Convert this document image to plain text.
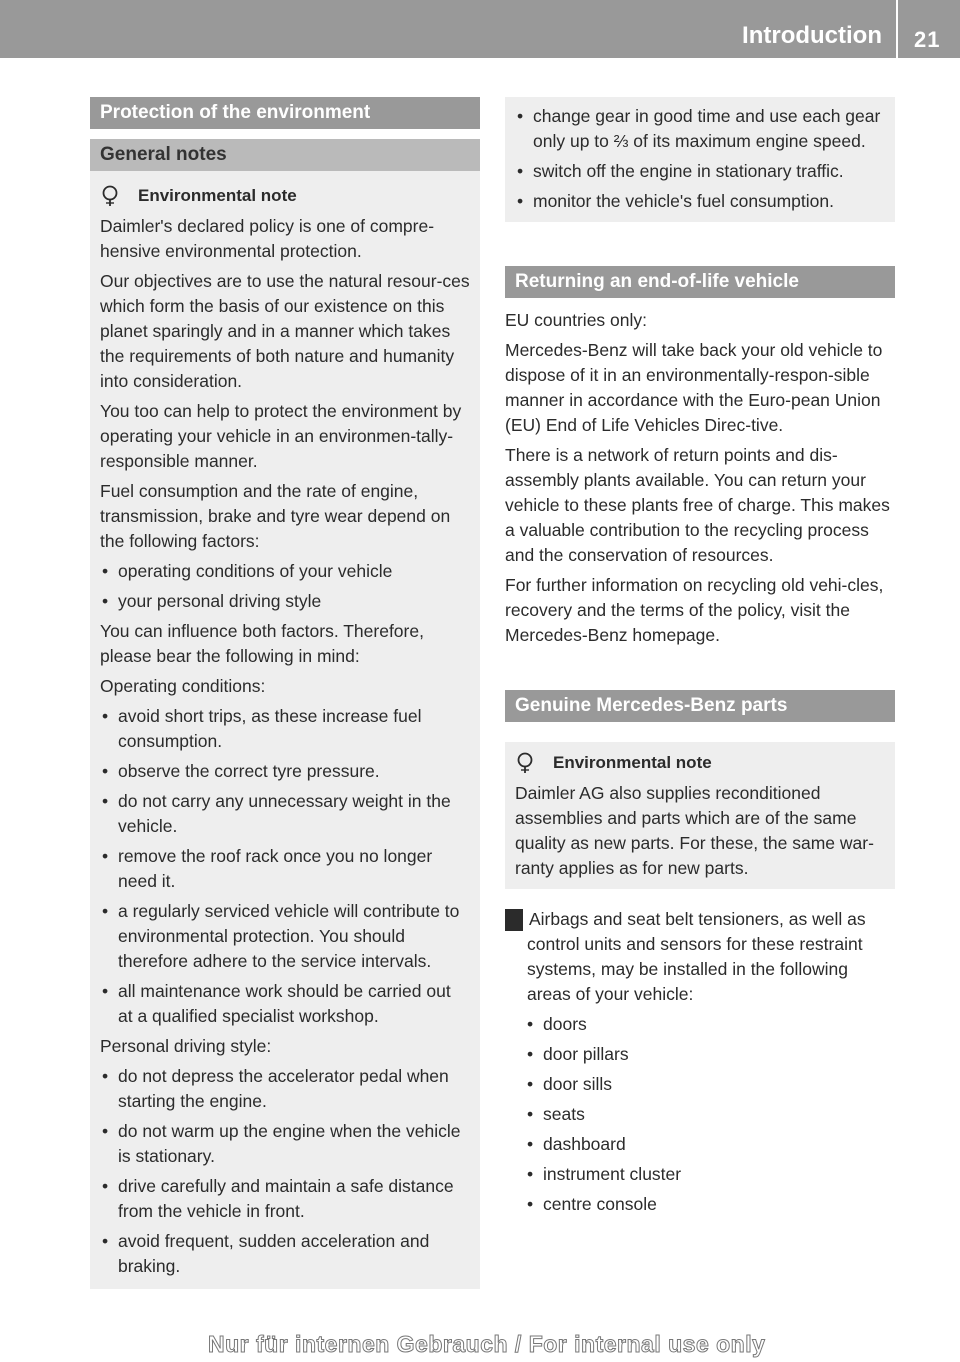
Introduction 21
Protection of the environment
General notes
Environmental note

Daimler's declared policy is one of compre-hensive environmental protection.

Our objectives are to use the natural resour-ces which form the basis of our existence on this planet sparingly and in a manner which takes the requirements of both nature and humanity into consideration.

You too can help to protect the environment by operating your vehicle in an environmen-tally-responsible manner.

Fuel consumption and the rate of engine, transmission, brake and tyre wear depend on the following factors:

• operating conditions of your vehicle
• your personal driving style

You can influence both factors. Therefore, please bear the following in mind:

Operating conditions:

• avoid short trips, as these increase fuel consumption.
• observe the correct tyre pressure.
• do not carry any unnecessary weight in the vehicle.
• remove the roof rack once you no longer need it.
• a regularly serviced vehicle will contribute to environmental protection. You should therefore adhere to the service intervals.
• all maintenance work should be carried out at a qualified specialist workshop.

Personal driving style:

• do not depress the accelerator pedal when starting the engine.
• do not warm up the engine when the vehicle is stationary.
• drive carefully and maintain a safe distance from the vehicle in front.
• avoid frequent, sudden acceleration and braking.
• change gear in good time and use each gear only up to ⅔ of its maximum engine speed.
• switch off the engine in stationary traffic.
• monitor the vehicle's fuel consumption.
Returning an end-of-life vehicle

EU countries only:

Mercedes-Benz will take back your old vehicle to dispose of it in an environmentally-respon-sible manner in accordance with the Euro-pean Union (EU) End of Life Vehicles Direc-tive.

There is a network of return points and dis-assembly plants available. You can return your vehicle to these plants free of charge. This makes a valuable contribution to the recycling process and the conservation of resources.

For further information on recycling old vehi-cles, recovery and the terms of the policy, visit the Mercedes-Benz homepage.

Genuine Mercedes-Benz parts
Environmental note

Daimler AG also supplies reconditioned assemblies and parts which are of the same quality as new parts. For these, the same war-ranty applies as for new parts.

! Airbags and seat belt tensioners, as well as control units and sensors for these restraint systems, may be installed in the following areas of your vehicle:

• doors
• door pillars
• door sills
• seats
• dashboard
• instrument cluster
• centre console
Nur für internen Gebrauch / For internal use only
